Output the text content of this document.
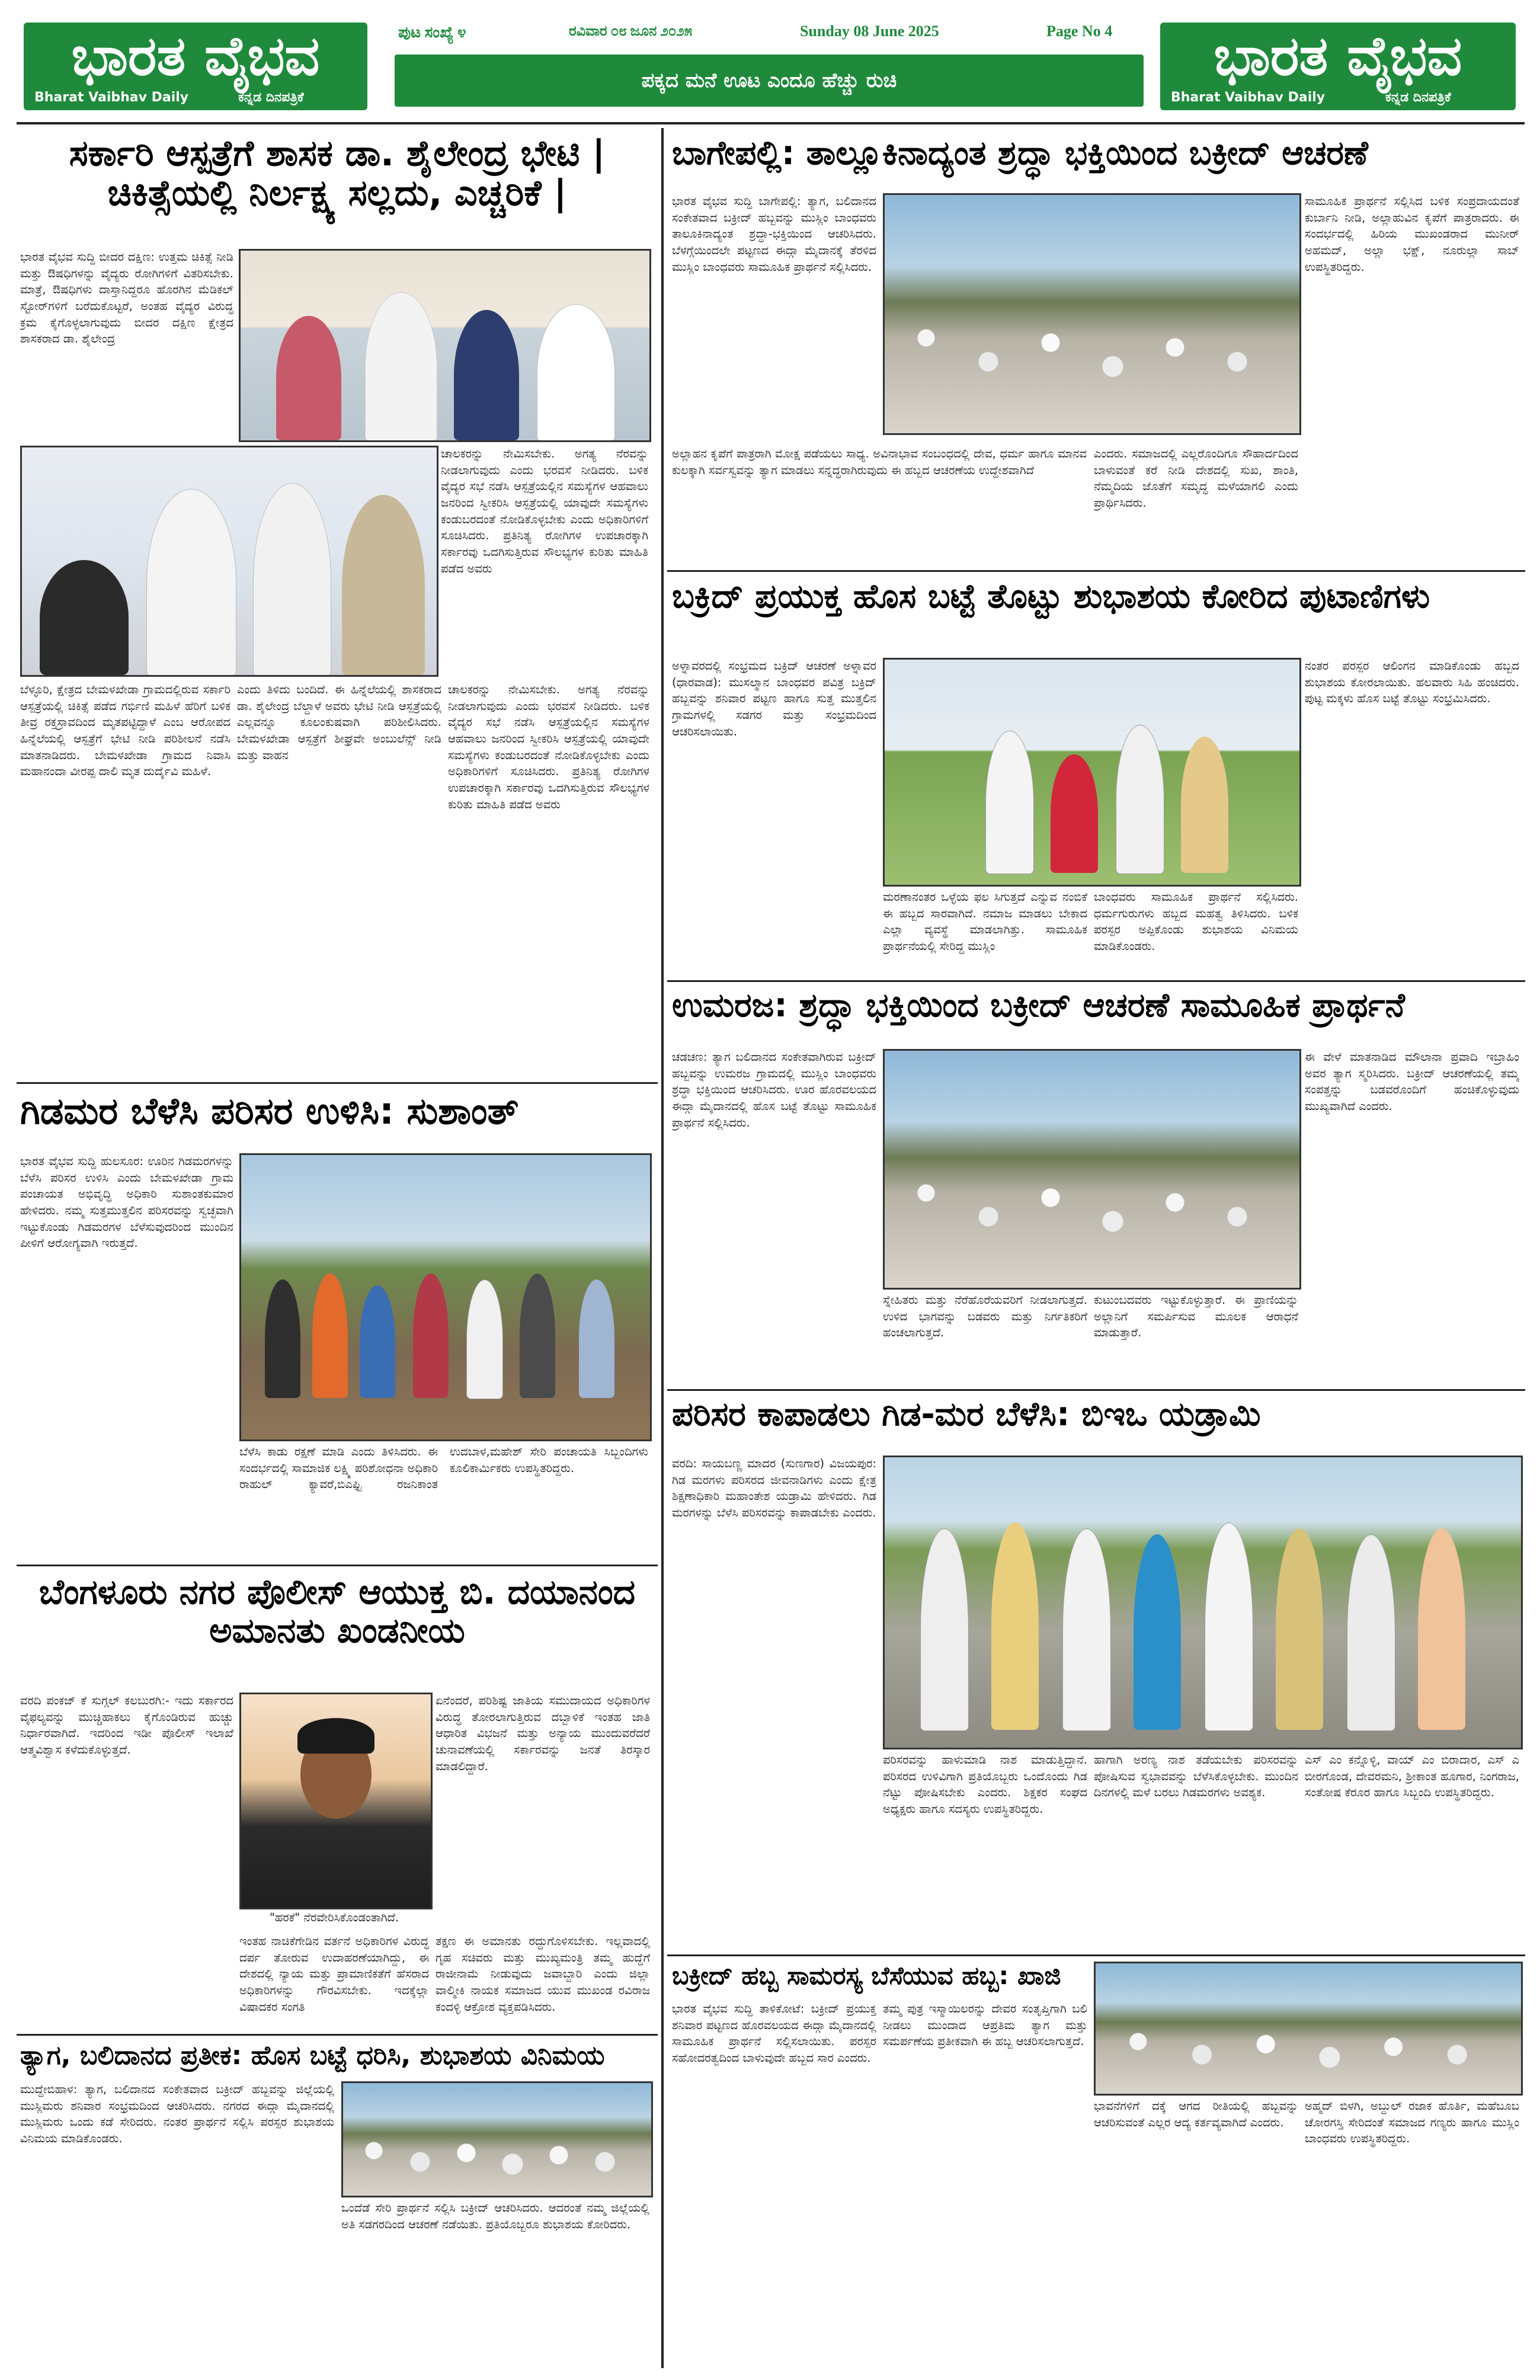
ಭಾರತ ವೈಭವ
Bharat Vaibhav Daily	ಕನ್ನಡ ದಿನಪತ್ರಿಕೆ
ಪುಟ ಸಂಖ್ಯೆ ೪	ರವಿವಾರ ೦೮ ಜೂನ ೨೦೨೫	Sunday 08 June 2025	Page No 4
ಪಕ್ಕದ ಮನೆ ಊಟ ಎಂದೂ ಹೆಚ್ಚು ರುಚಿ	ಭಾರತ ವೈಭವ
Bharat Vaibhav Daily	ಕನ್ನಡ ದಿನಪತ್ರಿಕೆ
ಸರ್ಕಾರಿ ಆಸ್ಪತ್ರೆಗೆ ಶಾಸಕ ಡಾ. ಶೈಲೇಂದ್ರ ಭೇಟಿ | ಚಿಕಿತ್ಸೆಯಲ್ಲಿ ನಿರ್ಲಕ್ಷ್ಯ ಸಲ್ಲದು, ಎಚ್ಚರಿಕೆ |
ಭಾರತ ವೈಭವ ಸುದ್ದಿ ಬೀದರ ದಕ್ಷಿಣ: ಉತ್ತಮ ಚಿಕಿತ್ಸೆ ನೀಡಿ ಮತ್ತು ಔಷಧಿಗಳನ್ನು ವೈದ್ಯರು ರೋಗಿಗಳಿಗೆ ವಿತರಿಸಬೇಕು. ಮಾತ್ರೆ, ಔಷಧಿಗಳು ದಾಸ್ತಾನಿದ್ದರೂ ಹೊರಗಿನ ಮೆಡಿಕಲ್ ಸ್ಟೋರ್‌ಗಳಿಗೆ ಬರೆದುಕೊಟ್ಟರೆ, ಅಂತಹ ವೈದ್ಯರ ವಿರುದ್ಧ ಕ್ರಮ ಕೈಗೊಳ್ಳಲಾಗುವುದು ಬೀದರ ದಕ್ಷಿಣ ಕ್ಷೇತ್ರದ ಶಾಸಕರಾದ ಡಾ. ಶೈಲೇಂದ್ರ
ಚಾಲಕರನ್ನು ನೇಮಿಸಬೇಕು. ಅಗತ್ಯ ನೆರವನ್ನು ನೀಡಲಾಗುವುದು ಎಂದು ಭರವಸೆ ನೀಡಿದರು. ಬಳಿಕ ವೈದ್ಯರ ಸಭೆ ನಡೆಸಿ ಆಸ್ಪತ್ರೆಯಲ್ಲಿನ ಸಮಸ್ಯೆಗಳ ಆಹವಾಲು ಜನರಿಂದ ಸ್ವೀಕರಿಸಿ ಆಸ್ಪತ್ರೆಯಲ್ಲಿ ಯಾವುದೇ ಸಮಸ್ಯೆಗಳು ಕಂಡುಬರದಂತೆ ನೋಡಿಕೊಳ್ಳಬೇಕು ಎಂದು ಅಧಿಕಾರಿಗಳಿಗೆ ಸೂಚಿಸಿದರು. ಪ್ರತಿನಿತ್ಯ ರೋಗಿಗಳ ಉಪಚಾರಕ್ಕಾಗಿ ಸರ್ಕಾರವು ಒದಗಿಸುತ್ತಿರುವ ಸೌಲಭ್ಯಗಳ ಕುರಿತು ಮಾಹಿತಿ ಪಡೆದ ಅವರು
ಬೆಳ್ಳೂರಿ, ಕ್ಷೇತ್ರದ ಬೇಮಳಖೇಡಾ ಗ್ರಾಮದಲ್ಲಿರುವ ಸರ್ಕಾರಿ ಆಸ್ಪತ್ರೆಯಲ್ಲಿ ಚಿಕಿತ್ಸೆ ಪಡೆದ ಗರ್ಭಿಣಿ ಮಹಿಳೆ ಹೆರಿಗೆ ಬಳಿಕ ತೀವ್ರ ರಕ್ತಸ್ರಾವದಿಂದ ಮೃತಪಟ್ಟಿದ್ದಾಳೆ ಎಂಬ ಆರೋಪದ ಹಿನ್ನೆಲೆಯಲ್ಲಿ ಆಸ್ಪತ್ರೆಗೆ ಭೇಟಿ ನೀಡಿ ಪರಿಶೀಲನೆ ನಡೆಸಿ ಮಾತನಾಡಿದರು. ಬೇಮಳಖೇಡಾ ಗ್ರಾಮದ ನಿವಾಸಿ ಮಹಾನಂದಾ ವೀರಪ್ಪ ದಾಲಿ ಮೃತ ದುರ್ದೈವಿ ಮಹಿಳೆ.
ಎಂದು ತಿಳಿದು ಬಂದಿದೆ. ಈ ಹಿನ್ನೆಲೆಯಲ್ಲಿ ಶಾಸಕರಾದ ಡಾ. ಶೈಲೇಂದ್ರ ಬೆಲ್ದಾಳೆ ಅವರು ಭೇಟಿ ನೀಡಿ ಆಸ್ಪತ್ರೆಯಲ್ಲಿ ಎಲ್ಲವನ್ನೂ ಕೂಲಂಕುಷವಾಗಿ ಪರಿಶೀಲಿಸಿದರು. ಬೇಮಳಖೇಡಾ ಆಸ್ಪತ್ರೆಗೆ ಶೀಘ್ರವೇ ಅಂಬುಲೆನ್ಸ್ ನೀಡಿ ಮತ್ತು ವಾಹನ
ಚಾಲಕರನ್ನು ನೇಮಿಸಬೇಕು. ಅಗತ್ಯ ನೆರವನ್ನು ನೀಡಲಾಗುವುದು ಎಂದು ಭರವಸೆ ನೀಡಿದರು. ಬಳಿಕ ವೈದ್ಯರ ಸಭೆ ನಡೆಸಿ ಆಸ್ಪತ್ರೆಯಲ್ಲಿನ ಸಮಸ್ಯೆಗಳ ಆಹವಾಲು ಜನರಿಂದ ಸ್ವೀಕರಿಸಿ ಆಸ್ಪತ್ರೆಯಲ್ಲಿ ಯಾವುದೇ ಸಮಸ್ಯೆಗಳು ಕಂಡುಬರದಂತೆ ನೋಡಿಕೊಳ್ಳಬೇಕು ಎಂದು ಅಧಿಕಾರಿಗಳಿಗೆ ಸೂಚಿಸಿದರು. ಪ್ರತಿನಿತ್ಯ ರೋಗಿಗಳ ಉಪಚಾರಕ್ಕಾಗಿ ಸರ್ಕಾರವು ಒದಗಿಸುತ್ತಿರುವ ಸೌಲಭ್ಯಗಳ ಕುರಿತು ಮಾಹಿತಿ ಪಡೆದ ಅವರು
ಗಿಡಮರ ಬೆಳೆಸಿ ಪರಿಸರ ಉಳಿಸಿ: ಸುಶಾಂತ್
ಭಾರತ ವೈಭವ ಸುದ್ದಿ ಹುಲಸೂರ: ಊರಿನ ಗಿಡಮರಗಳನ್ನು ಬೆಳೆಸಿ ಪರಿಸರ ಉಳಿಸಿ ಎಂದು ಬೇಮಳಖೇಡಾ ಗ್ರಾಮ ಪಂಚಾಯತ ಅಭಿವೃದ್ಧಿ ಅಧಿಕಾರಿ ಸುಶಾಂತಕುಮಾರ ಹೇಳಿದರು. ನಮ್ಮ ಸುತ್ತಮುತ್ತಲಿನ ಪರಿಸರವನ್ನು ಸ್ವಚ್ಛವಾಗಿ ಇಟ್ಟುಕೊಂಡು ಗಿಡಮರಗಳ ಬೆಳೆಸುವುದರಿಂದ ಮುಂದಿನ ಪೀಳಿಗೆ ಆರೋಗ್ಯವಾಗಿ ಇರುತ್ತದೆ.
ಬೆಳೆಸಿ ಕಾಡು ರಕ್ಷಣೆ ಮಾಡಿ ಎಂದು ತಿಳಿಸಿದರು. ಈ ಸಂದರ್ಭದಲ್ಲಿ ಸಾಮಾಜಿಕ ಲಕ್ಷ್ಮಿ ಪರಿಶೋಧನಾ ಅಧಿಕಾರಿ ರಾಹುಲ್ ಕ್ಯಾವರೆ,ಬಿಎಫ್ಟಿ ರಜನಿಕಾಂತ ಉದಬಾಳ,ಮಹೇಶ್ ಸೇರಿ ಪಂಚಾಯತಿ ಸಿಬ್ಬಂದಿಗಳು ಕೂಲಿಕಾರ್ಮಿಕರು ಉಪಸ್ಥಿತರಿದ್ದರು.
ಬೆಂಗಳೂರು ನಗರ ಪೊಲೀಸ್ ಆಯುಕ್ತ ಬಿ. ದಯಾನಂದ ಅಮಾನತು ಖಂಡನೀಯ
ವರದಿ ಪಂಕಜ್ ಕೆ ಸುಗ್ಗಲ್ ಕಲಬುರಗಿ:- ಇದು ಸರ್ಕಾರದ ವೈಫಲ್ಯವನ್ನು ಮುಚ್ಚಿಹಾಕಲು ಕೈಗೊಂಡಿರುವ ಹುಚ್ಚು ನಿರ್ಧಾರವಾಗಿದೆ. ಇದರಿಂದ ಇಡೀ ಪೊಲೀಸ್ ಇಲಾಖೆ ಆತ್ಮವಿಶ್ವಾಸ ಕಳೆದುಕೊಳ್ಳುತ್ತದೆ.
"ಹರಕೆ" ನೆರವೇರಿಸಿಕೊಂಡಂತಾಗಿದೆ.
ಏನೆಂದರೆ, ಪರಿಶಿಷ್ಟ ಜಾತಿಯ ಸಮುದಾಯದ ಅಧಿಕಾರಿಗಳ ವಿರುದ್ಧ ತೋರಲಾಗುತ್ತಿರುವ ದಬ್ಬಾಳಿಕೆ ಇಂತಹ ಜಾತಿ ಆಧಾರಿತ ವಿಭಜನೆ ಮತ್ತು ಅನ್ಯಾಯ ಮುಂದುವರೆದರೆ ಚುನಾವಣೆಯಲ್ಲಿ ಸರ್ಕಾರವನ್ನು ಜನತೆ ತಿರಸ್ಕಾರ ಮಾಡಲಿದ್ದಾರೆ.
ಇಂತಹ ನಾಚಿಕೆಗೇಡಿನ ವರ್ತನೆ ಅಧಿಕಾರಿಗಳ ವಿರುದ್ಧ ದರ್ಪ ತೋರುವ ಉದಾಹರಣೆಯಾಗಿದ್ದು, ಈ ದೇಶದಲ್ಲಿ ನ್ಯಾಯ ಮತ್ತು ಪ್ರಾಮಾಣಿಕತೆಗೆ ಹೆಸರಾದ ಅಧಿಕಾರಿಗಳನ್ನು ಗೌರವಿಸಬೇಕು. ಇದಕ್ಕೆಲ್ಲಾ ವಿಷಾದಕರ ಸಂಗತಿ
ತಕ್ಷಣ ಈ ಅಮಾನತು ರದ್ದುಗೊಳಿಸಬೇಕು. ಇಲ್ಲವಾದಲ್ಲಿ ಗೃಹ ಸಚಿವರು ಮತ್ತು ಮುಖ್ಯಮಂತ್ರಿ ತಮ್ಮ ಹುದ್ದೆಗೆ ರಾಜೀನಾಮೆ ನೀಡುವುದು ಜವಾಬ್ದಾರಿ ಎಂದು ಜಿಲ್ಲಾ ವಾಲ್ಮೀಕಿ ನಾಯಕ ಸಮಾಜದ ಯುವ ಮುಖಂಡ ರವಿರಾಜ ಕಂದಳ್ಳಿ ಆಕ್ರೋಶ ವ್ಯಕ್ತಪಡಿಸಿದರು.
ತ್ಯಾಗ, ಬಲಿದಾನದ ಪ್ರತೀಕ: ಹೊಸ ಬಟ್ಟೆ ಧರಿಸಿ, ಶುಭಾಶಯ ವಿನಿಮಯ
ಮುದ್ದೇಬಿಹಾಳ: ತ್ಯಾಗ, ಬಲಿದಾನದ ಸಂಕೇತವಾದ ಬಕ್ರೀದ್ ಹಬ್ಬವನ್ನು ಜಿಲ್ಲೆಯಲ್ಲಿ ಮುಸ್ಲಿಮರು ಶನಿವಾರ ಸಂಭ್ರಮದಿಂದ ಆಚರಿಸಿದರು. ನಗರದ ಈದ್ಗಾ ಮೈದಾನದಲ್ಲಿ ಮುಸ್ಲಿಮರು ಒಂದು ಕಡೆ ಸೇರಿದರು. ನಂತರ ಪ್ರಾರ್ಥನೆ ಸಲ್ಲಿಸಿ ಪರಸ್ಪರ ಶುಭಾಶಯ ವಿನಿಮಯ ಮಾಡಿಕೊಂಡರು.
ಒಂದೆಡೆ ಸೇರಿ ಪ್ರಾರ್ಥನೆ ಸಲ್ಲಿಸಿ ಬಕ್ರೀದ್ ಆಚರಿಸಿದರು. ಆದರಂತೆ ನಮ್ಮ ಜಿಲ್ಲೆಯಲ್ಲಿ ಅತಿ ಸಡಗರದಿಂದ ಆಚರಣೆ ನಡೆಯಿತು. ಪ್ರತಿಯೊಬ್ಬರೂ ಶುಭಾಶಯ ಕೋರಿದರು.
ಬಾಗೇಪಲ್ಲಿ: ತಾಲ್ಲೂಕಿನಾದ್ಯಂತ ಶ್ರದ್ಧಾ ಭಕ್ತಿಯಿಂದ ಬಕ್ರೀದ್ ಆಚರಣೆ
ಭಾರತ ವೈಭವ ಸುದ್ದಿ ಬಾಗೇಪಲ್ಲಿ: ತ್ಯಾಗ, ಬಲಿದಾನದ ಸಂಕೇತವಾದ ಬಕ್ರೀದ್ ಹಬ್ಬವನ್ನು ಮುಸ್ಲಿಂ ಬಾಂಧವರು ತಾಲೂಕಿನಾದ್ಯಂತ ಶ್ರದ್ಧಾ-ಭಕ್ತಿಯಿಂದ ಆಚರಿಸಿದರು. ಬೆಳಗ್ಗೆಯಿಂದಲೇ ಪಟ್ಟಣದ ಈದ್ಗಾ ಮೈದಾನಕ್ಕೆ ತೆರಳಿದ ಮುಸ್ಲಿಂ ಬಾಂಧವರು ಸಾಮೂಹಿಕ ಪ್ರಾರ್ಥನೆ ಸಲ್ಲಿಸಿದರು.
ಅಲ್ಲಾಹನ ಕೃಪೆಗೆ ಪಾತ್ರರಾಗಿ ಮೋಕ್ಷ ಪಡೆಯಲು ಸಾಧ್ಯ. ಅವಿನಾಭಾವ ಸಂಬಂಧದಲ್ಲಿ ದೇವ, ಧರ್ಮ ಹಾಗೂ ಮಾನವ ಕುಲಕ್ಕಾಗಿ ಸರ್ವಸ್ವವನ್ನು ತ್ಯಾಗ ಮಾಡಲು ಸನ್ನದ್ಧರಾಗಿರುವುದು ಈ ಹಬ್ಬದ ಆಚರಣೆಯ ಉದ್ದೇಶವಾಗಿದೆ
ಎಂದರು. ಸಮಾಜದಲ್ಲಿ ಎಲ್ಲರೊಂದಿಗೂ ಸೌಹಾರ್ದದಿಂದ ಬಾಳುವಂತೆ ಕರೆ ನೀಡಿ ದೇಶದಲ್ಲಿ ಸುಖ, ಶಾಂತಿ, ನೆಮ್ಮದಿಯ ಜೊತೆಗೆ ಸಮೃದ್ಧ ಮಳೆಯಾಗಲಿ ಎಂದು ಪ್ರಾರ್ಥಿಸಿದರು.
ಸಾಮೂಹಿಕ ಪ್ರಾರ್ಥನೆ ಸಲ್ಲಿಸಿದ ಬಳಿಕ ಸಂಪ್ರದಾಯದಂತೆ ಕುರ್ಬಾನಿ ನೀಡಿ, ಅಲ್ಲಾಹುವಿನ ಕೃಪೆಗೆ ಪಾತ್ರರಾದರು. ಈ ಸಂದರ್ಭದಲ್ಲಿ ಹಿರಿಯ ಮುಖಂಡರಾದ ಮುನೀರ್ ಅಹಮದ್, ಅಲ್ಲಾ ಭಕ್ಷ್, ನೂರುಲ್ಲಾ ಸಾಬ್ ಉಪಸ್ಥಿತರಿದ್ದರು.
ಬಕ್ರಿದ್ ಪ್ರಯುಕ್ತ ಹೊಸ ಬಟ್ಟೆ ತೊಟ್ಟು ಶುಭಾಶಯ ಕೋರಿದ ಪುಟಾಣಿಗಳು
ಅಳ್ನಾವರದಲ್ಲಿ ಸಂಭ್ರಮದ ಬಕ್ರಿದ್ ಆಚರಣೆ ಅಳ್ನಾವರ (ಧಾರವಾಡ): ಮುಸಲ್ಮಾನ ಬಾಂಧವರ ಪವಿತ್ರ ಬಕ್ರಿದ್ ಹಬ್ಬವನ್ನು ಶನಿವಾರ ಪಟ್ಟಣ ಹಾಗೂ ಸುತ್ತ ಮುತ್ತಲಿನ ಗ್ರಾಮಗಳಲ್ಲಿ ಸಡಗರ ಮತ್ತು ಸಂಭ್ರಮದಿಂದ ಆಚರಿಸಲಾಯಿತು.
ಮರಣಾನಂತರ ಒಳ್ಳೆಯ ಫಲ ಸಿಗುತ್ತದೆ ಎನ್ನುವ ನಂಬಿಕೆ ಈ ಹಬ್ಬದ ಸಾರವಾಗಿದೆ. ನಮಾಜ ಮಾಡಲು ಬೇಕಾದ ಎಲ್ಲಾ ವ್ಯವಸ್ಥೆ ಮಾಡಲಾಗಿತ್ತು. ಸಾಮೂಹಿಕ ಪ್ರಾರ್ಥನೆಯಲ್ಲಿ ಸೇರಿದ್ದ ಮುಸ್ಲಿಂ
ಬಾಂಧವರು ಸಾಮೂಹಿಕ ಪ್ರಾರ್ಥನೆ ಸಲ್ಲಿಸಿದರು. ಧರ್ಮಗುರುಗಳು ಹಬ್ಬದ ಮಹತ್ವ ತಿಳಿಸಿದರು. ಬಳಿಕ ಪರಸ್ಪರ ಅಪ್ಪಿಕೊಂಡು ಶುಭಾಶಯ ವಿನಿಮಯ ಮಾಡಿಕೊಂಡರು.
ನಂತರ ಪರಸ್ಪರ ಆಲಿಂಗನ ಮಾಡಿಕೊಂಡು ಹಬ್ಬದ ಶುಭಾಶಯ ಕೋರಲಾಯಿತು. ಹಲವಾರು ಸಿಹಿ ಹಂಚಿದರು. ಪುಟ್ಟ ಮಕ್ಕಳು ಹೊಸ ಬಟ್ಟೆ ತೊಟ್ಟು ಸಂಭ್ರಮಿಸಿದರು.
ಉಮರಜ: ಶ್ರದ್ಧಾ ಭಕ್ತಿಯಿಂದ ಬಕ್ರೀದ್ ಆಚರಣೆ ಸಾಮೂಹಿಕ ಪ್ರಾರ್ಥನೆ
ಚಡಚಣ: ತ್ಯಾಗ ಬಲಿದಾನದ ಸಂಕೇತವಾಗಿರುವ ಬಕ್ರೀದ್ ಹಬ್ಬವನ್ನು ಉಮರಜ ಗ್ರಾಮದಲ್ಲಿ ಮುಸ್ಲಿಂ ಬಾಂಧವರು ಶ್ರದ್ಧಾ ಭಕ್ತಿಯಿಂದ ಆಚರಿಸಿದರು. ಊರ ಹೊರವಲಯದ ಈದ್ಗಾ ಮೈದಾನದಲ್ಲಿ ಹೊಸ ಬಟ್ಟೆ ತೊಟ್ಟು ಸಾಮೂಹಿಕ ಪ್ರಾರ್ಥನೆ ಸಲ್ಲಿಸಿದರು.
ಸ್ನೇಹಿತರು ಮತ್ತು ನೆರೆಹೊರೆಯವರಿಗೆ ನೀಡಲಾಗುತ್ತದೆ. ಉಳಿದ ಭಾಗವನ್ನು ಬಡವರು ಮತ್ತು ನಿರ್ಗತಿಕರಿಗೆ ಹಂಚಲಾಗುತ್ತದೆ.
ಕುಟುಂಬದವರು ಇಟ್ಟುಕೊಳ್ಳುತ್ತಾರೆ. ಈ ಪ್ರಾಣಿಯನ್ನು ಅಲ್ಲಾನಿಗೆ ಸಮರ್ಪಿಸುವ ಮೂಲಕ ಆರಾಧನೆ ಮಾಡುತ್ತಾರೆ.
ಈ ವೇಳೆ ಮಾತನಾಡಿದ ಮೌಲಾನಾ ಪ್ರವಾದಿ ಇಬ್ರಾಹಿಂ ಅವರ ತ್ಯಾಗ ಸ್ಮರಿಸಿದರು. ಬಕ್ರೀದ್ ಆಚರಣೆಯಲ್ಲಿ ತಮ್ಮ ಸಂಪತ್ತನ್ನು ಬಡವರೊಂದಿಗೆ ಹಂಚಿಕೊಳ್ಳುವುದು ಮುಖ್ಯವಾಗಿದೆ ಎಂದರು.
ಪರಿಸರ ಕಾಪಾಡಲು ಗಿಡ-ಮರ ಬೆಳೆಸಿ: ಬಿಇಒ ಯಡ್ರಾಮಿ
ವರದಿ: ಸಾಯಬಣ್ಣ ಮಾದರ (ಸುಣಗಾರ) ವಿಜಯಪುರ: ಗಿಡ ಮರಗಳು ಪರಿಸರದ ಜೀವನಾಡಿಗಳು ಎಂದು ಕ್ಷೇತ್ರ ಶಿಕ್ಷಣಾಧಿಕಾರಿ ಮಹಾಂತೇಶ ಯಡ್ರಾಮಿ ಹೇಳಿದರು. ಗಿಡ ಮರಗಳನ್ನು ಬೆಳೆಸಿ ಪರಿಸರವನ್ನು ಕಾಪಾಡಬೇಕು ಎಂದರು.
ಪರಿಸರವನ್ನು ಹಾಳುಮಾಡಿ ನಾಶ ಮಾಡುತ್ತಿದ್ದಾನೆ. ಪರಿಸರದ ಉಳಿವಿಗಾಗಿ ಪ್ರತಿಯೊಬ್ಬರು ಒಂದೊಂದು ಗಿಡ ನೆಟ್ಟು ಪೋಷಿಸಬೇಕು ಎಂದರು. ಶಿಕ್ಷಕರ ಸಂಘದ ಅಧ್ಯಕ್ಷರು ಹಾಗೂ ಸದಸ್ಯರು ಉಪಸ್ಥಿತರಿದ್ದರು.
ಹಾಗಾಗಿ ಅರಣ್ಯ ನಾಶ ತಡೆಯಬೇಕು ಪರಿಸರವನ್ನು ಪೋಷಿಸುವ ಸ್ವಭಾವವನ್ನು ಬೆಳೆಸಿಕೊಳ್ಳಬೇಕು. ಮುಂದಿನ ದಿನಗಳಲ್ಲಿ ಮಳೆ ಬರಲು ಗಿಡಮರಗಳು ಅವಶ್ಯಕ.
ಎಸ್ ಎಂ ಕನ್ನೊಳ್ಳಿ, ವಾಯ್ ಎಂ ಬಿರಾದಾರ, ಎಸ್ ಎ ಬೀರಗೊಂಡ, ದೇವರಮನಿ, ಶ್ರೀಕಾಂತ ಹೂಗಾರ, ನಿಂಗರಾಜ, ಸಂತೋಷ ಕೆರೂರ ಹಾಗೂ ಸಿಬ್ಬಂದಿ ಉಪಸ್ಥಿತರಿದ್ದರು.
ಬಕ್ರೀದ್ ಹಬ್ಬ ಸಾಮರಸ್ಯ ಬೆಸೆಯುವ ಹಬ್ಬ: ಖಾಜಿ
ಭಾರತ ವೈಭವ ಸುದ್ದಿ ತಾಳಿಕೋಟೆ: ಬಕ್ರೀದ್ ಪ್ರಯುಕ್ತ ಶನಿವಾರ ಪಟ್ಟಣದ ಹೊರವಲಯದ ಈದ್ಗಾ ಮೈದಾನದಲ್ಲಿ ಸಾಮೂಹಿಕ ಪ್ರಾರ್ಥನೆ ಸಲ್ಲಿಸಲಾಯಿತು. ಪರಸ್ಪರ ಸಹೋದರತ್ವದಿಂದ ಬಾಳುವುದೇ ಹಬ್ಬದ ಸಾರ ಎಂದರು.
ತಮ್ಮ ಪುತ್ರ ಇಸ್ಮಾಯಿಲರನ್ನು ದೇವರ ಸಂತೃಪ್ತಿಗಾಗಿ ಬಲಿ ನೀಡಲು ಮುಂದಾದ ಆಪ್ರತಿಮ ತ್ಯಾಗ ಮತ್ತು ಸಮರ್ಪಣೆಯ ಪ್ರತೀಕವಾಗಿ ಈ ಹಬ್ಬ ಆಚರಿಸಲಾಗುತ್ತದೆ.
ಭಾವನೆಗಳಿಗೆ ದಕ್ಕೆ ಆಗದ ರೀತಿಯಲ್ಲಿ ಹಬ್ಬವನ್ನು ಆಚರಿಸುವಂತೆ ಎಲ್ಲರ ಆದ್ಯ ಕರ್ತವ್ಯವಾಗಿದೆ ಎಂದರು.
ಅಹ್ಮದ್ ಬಿಳಗಿ, ಅಬ್ದುಲ್ ರಜಾಕ ಹೊರ್ತಿ, ಮಹೆಬೂಬ ಚೋರಗಸ್ತಿ ಸೇರಿದಂತೆ ಸಮಾಜದ ಗಣ್ಯರು ಹಾಗೂ ಮುಸ್ಲಿಂ ಬಾಂಧವರು ಉಪಸ್ಥಿತರಿದ್ದರು.
